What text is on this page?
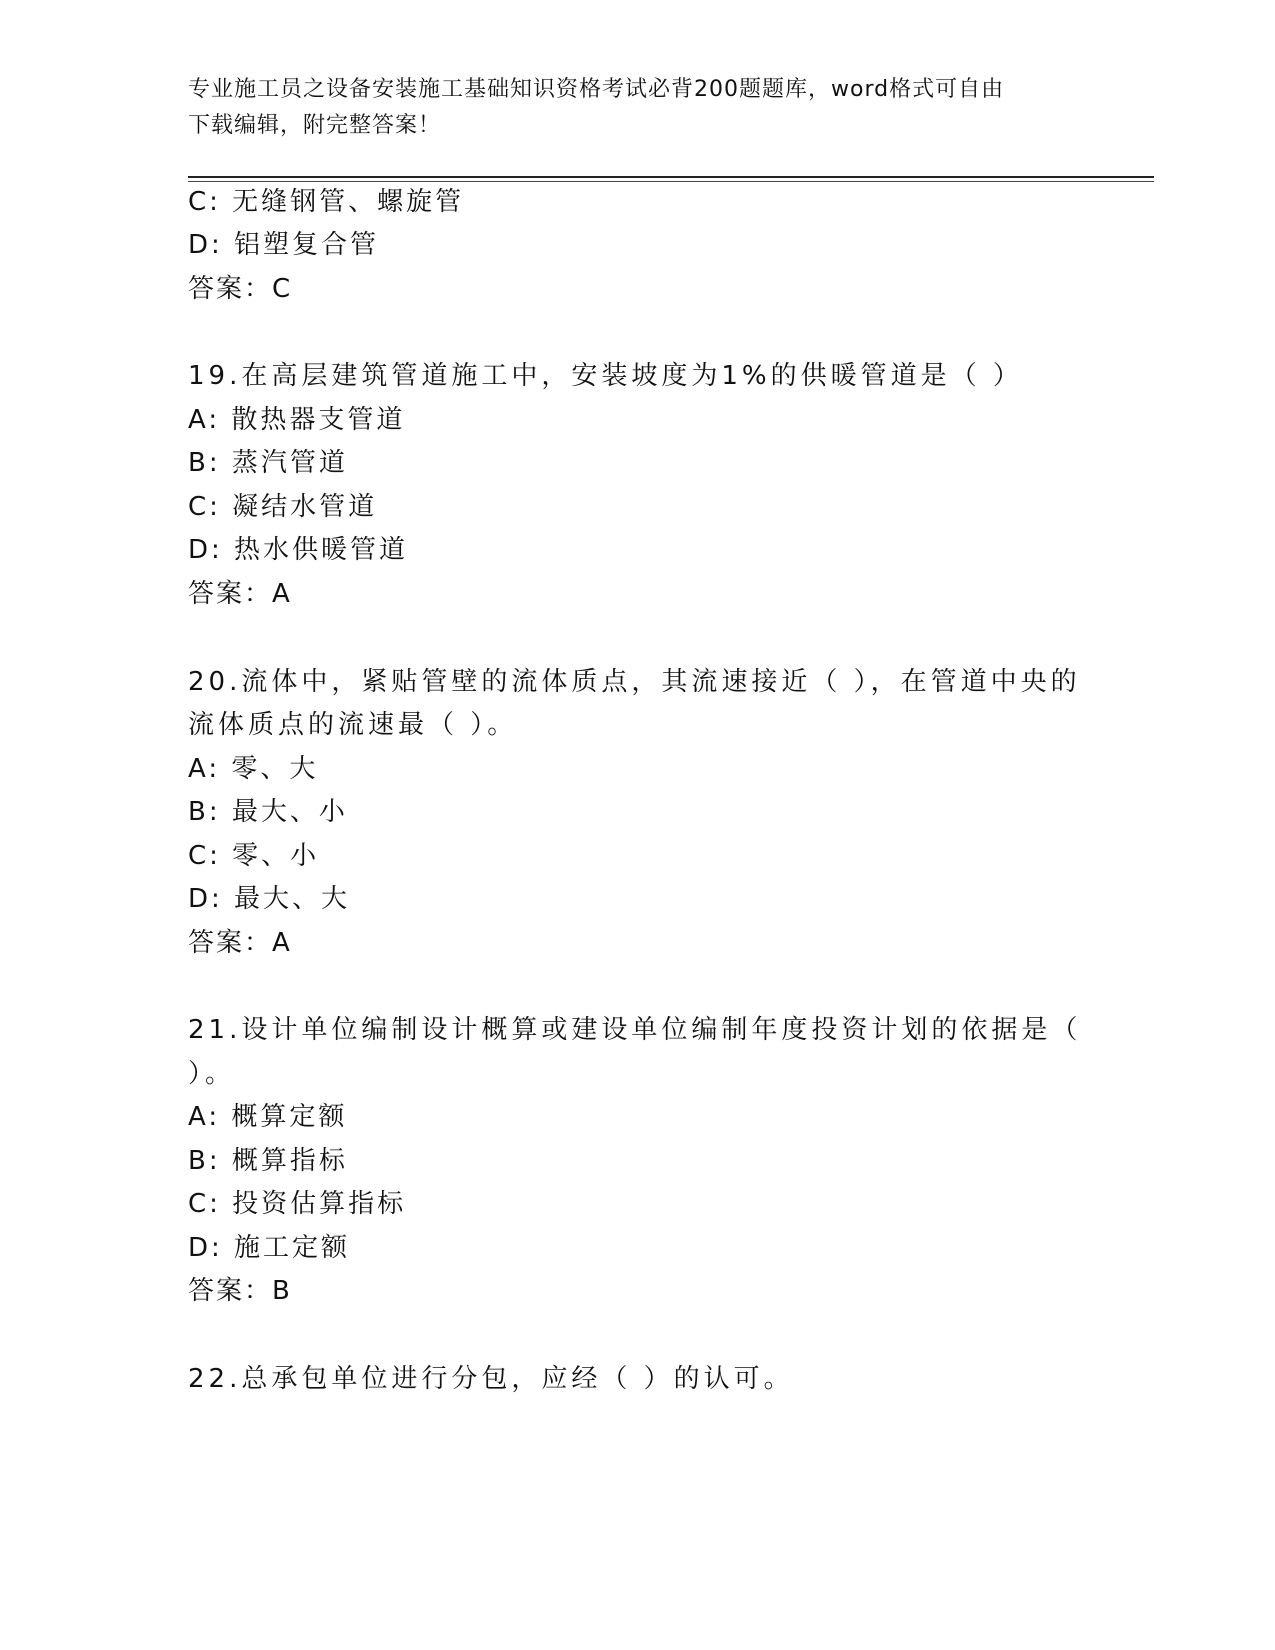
专业施工员之设备安装施工基础知识资格考试必背200题题库，word格式可自由
下载编辑，附完整答案！
C: 无缝钢管、螺旋管
D: 铝塑复合管
答案：C
19.在高层建筑管道施工中，安装坡度为1%的供暖管道是（ ）
A: 散热器支管道
B: 蒸汽管道
C: 凝结水管道
D: 热水供暖管道
答案：A
20.流体中，紧贴管壁的流体质点，其流速接近（ ），在管道中央的
流体质点的流速最（ ）。
A: 零、大
B: 最大、小
C: 零、小
D: 最大、大
答案：A
21.设计单位编制设计概算或建设单位编制年度投资计划的依据是（
）。
A: 概算定额
B: 概算指标
C: 投资估算指标
D: 施工定额
答案：B
22.总承包单位进行分包，应经（ ）的认可。
